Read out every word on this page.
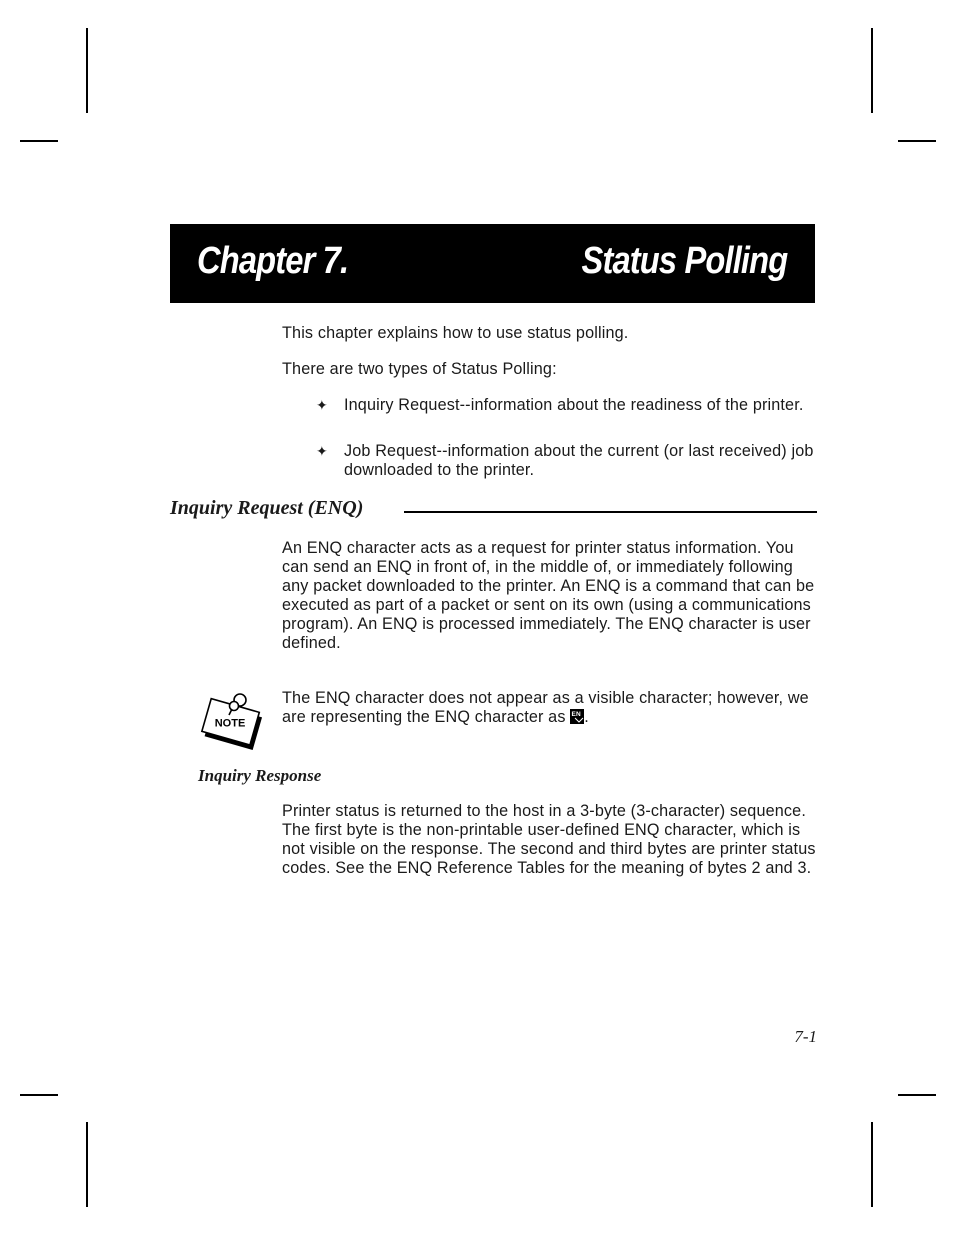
Chapter 7.	Status Polling

This chapter explains how to use status polling.

There are two types of Status Polling:

✦ Inquiry Request--information about the readiness of the printer.
✦ Job Request--information about the current (or last received) job downloaded to the printer.
Inquiry Request (ENQ)

An ENQ character acts as a request for printer status information. You can send an ENQ in front of, in the middle of, or immediately following any packet downloaded to the printer. An ENQ is a command that can be executed as part of a packet or sent on its own (using a communications program). An ENQ is processed immediately. The ENQ character is user defined.

NOTE

The ENQ character does not appear as a visible character; however, we are representing the ENQ character as EN .

Inquiry Response

Printer status is returned to the host in a 3-byte (3-character) sequence. The first byte is the non-printable user-defined ENQ character, which is not visible on the response. The second and third bytes are printer status codes. See the ENQ Reference Tables for the meaning of bytes 2 and 3.

7-1
